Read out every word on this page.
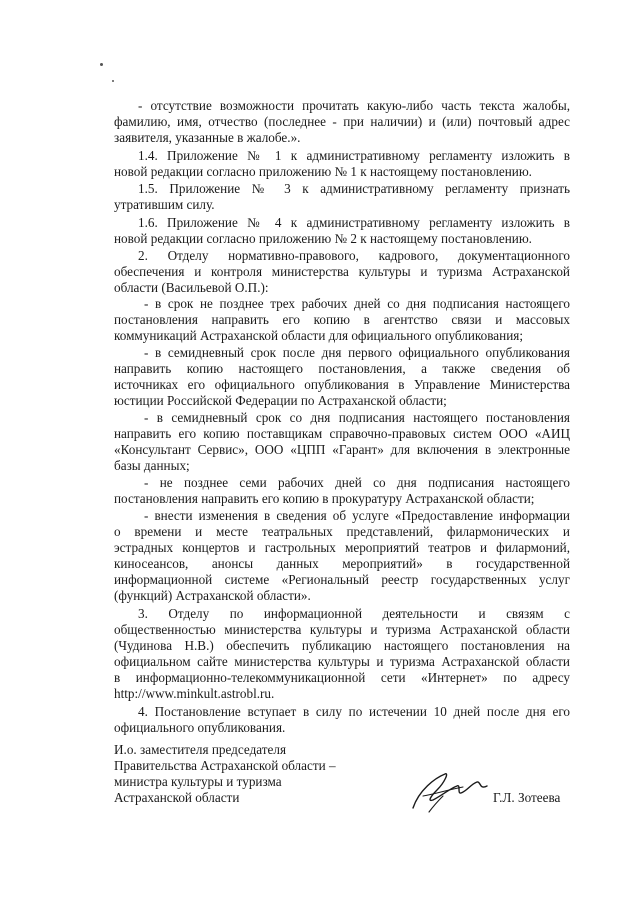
- отсутствие возможности прочитать какую-либо часть текста жалобы,
фамилию, имя, отчество (последнее - при наличии) и (или) почтовый адрес
заявителя, указанные в жалобе.».
1.4. Приложение № 1 к административному регламенту изложить в
новой редакции согласно приложению № 1 к настоящему постановлению.
1.5. Приложение № 3 к административному регламенту признать
утратившим силу.
1.6. Приложение № 4 к административному регламенту изложить в
новой редакции согласно приложению № 2 к настоящему постановлению.
2. Отделу нормативно-правового, кадрового, документационного
обеспечения и контроля министерства культуры и туризма Астраханской
области (Васильевой О.П.):
- в срок не позднее трех рабочих дней со дня подписания настоящего
постановления направить его копию в агентство связи и массовых
коммуникаций Астраханской области для официального опубликования;
- в семидневный срок после дня первого официального опубликования
направить копию настоящего постановления, а также сведения об
источниках его официального опубликования в Управление Министерства
юстиции Российской Федерации по Астраханской области;
- в семидневный срок со дня подписания настоящего постановления
направить его копию поставщикам справочно-правовых систем ООО «АИЦ
«Консультант Сервис», ООО «ЦПП «Гарант» для включения в электронные
базы данных;
- не позднее семи рабочих дней со дня подписания настоящего
постановления направить его копию в прокуратуру Астраханской области;
- внести изменения в сведения об услуге «Предоставление информации
о времени и месте театральных представлений, филармонических и
эстрадных концертов и гастрольных мероприятий театров и филармоний,
киносеансов, анонсы данных мероприятий» в государственной
информационной системе «Региональный реестр государственных услуг
(функций) Астраханской области».
3. Отделу по информационной деятельности и связям с
общественностью министерства культуры и туризма Астраханской области
(Чудинова Н.В.) обеспечить публикацию настоящего постановления на
официальном сайте министерства культуры и туризма Астраханской области
в информационно-телекоммуникационной сети «Интернет» по адресу
http://www.minkult.astrobl.ru.
4. Постановление вступает в силу по истечении 10 дней после дня его
официального опубликования.
И.о. заместителя председателя
Правительства Астраханской области –
министра культуры и туризма
Астраханской области	Г.Л. Зотеева
